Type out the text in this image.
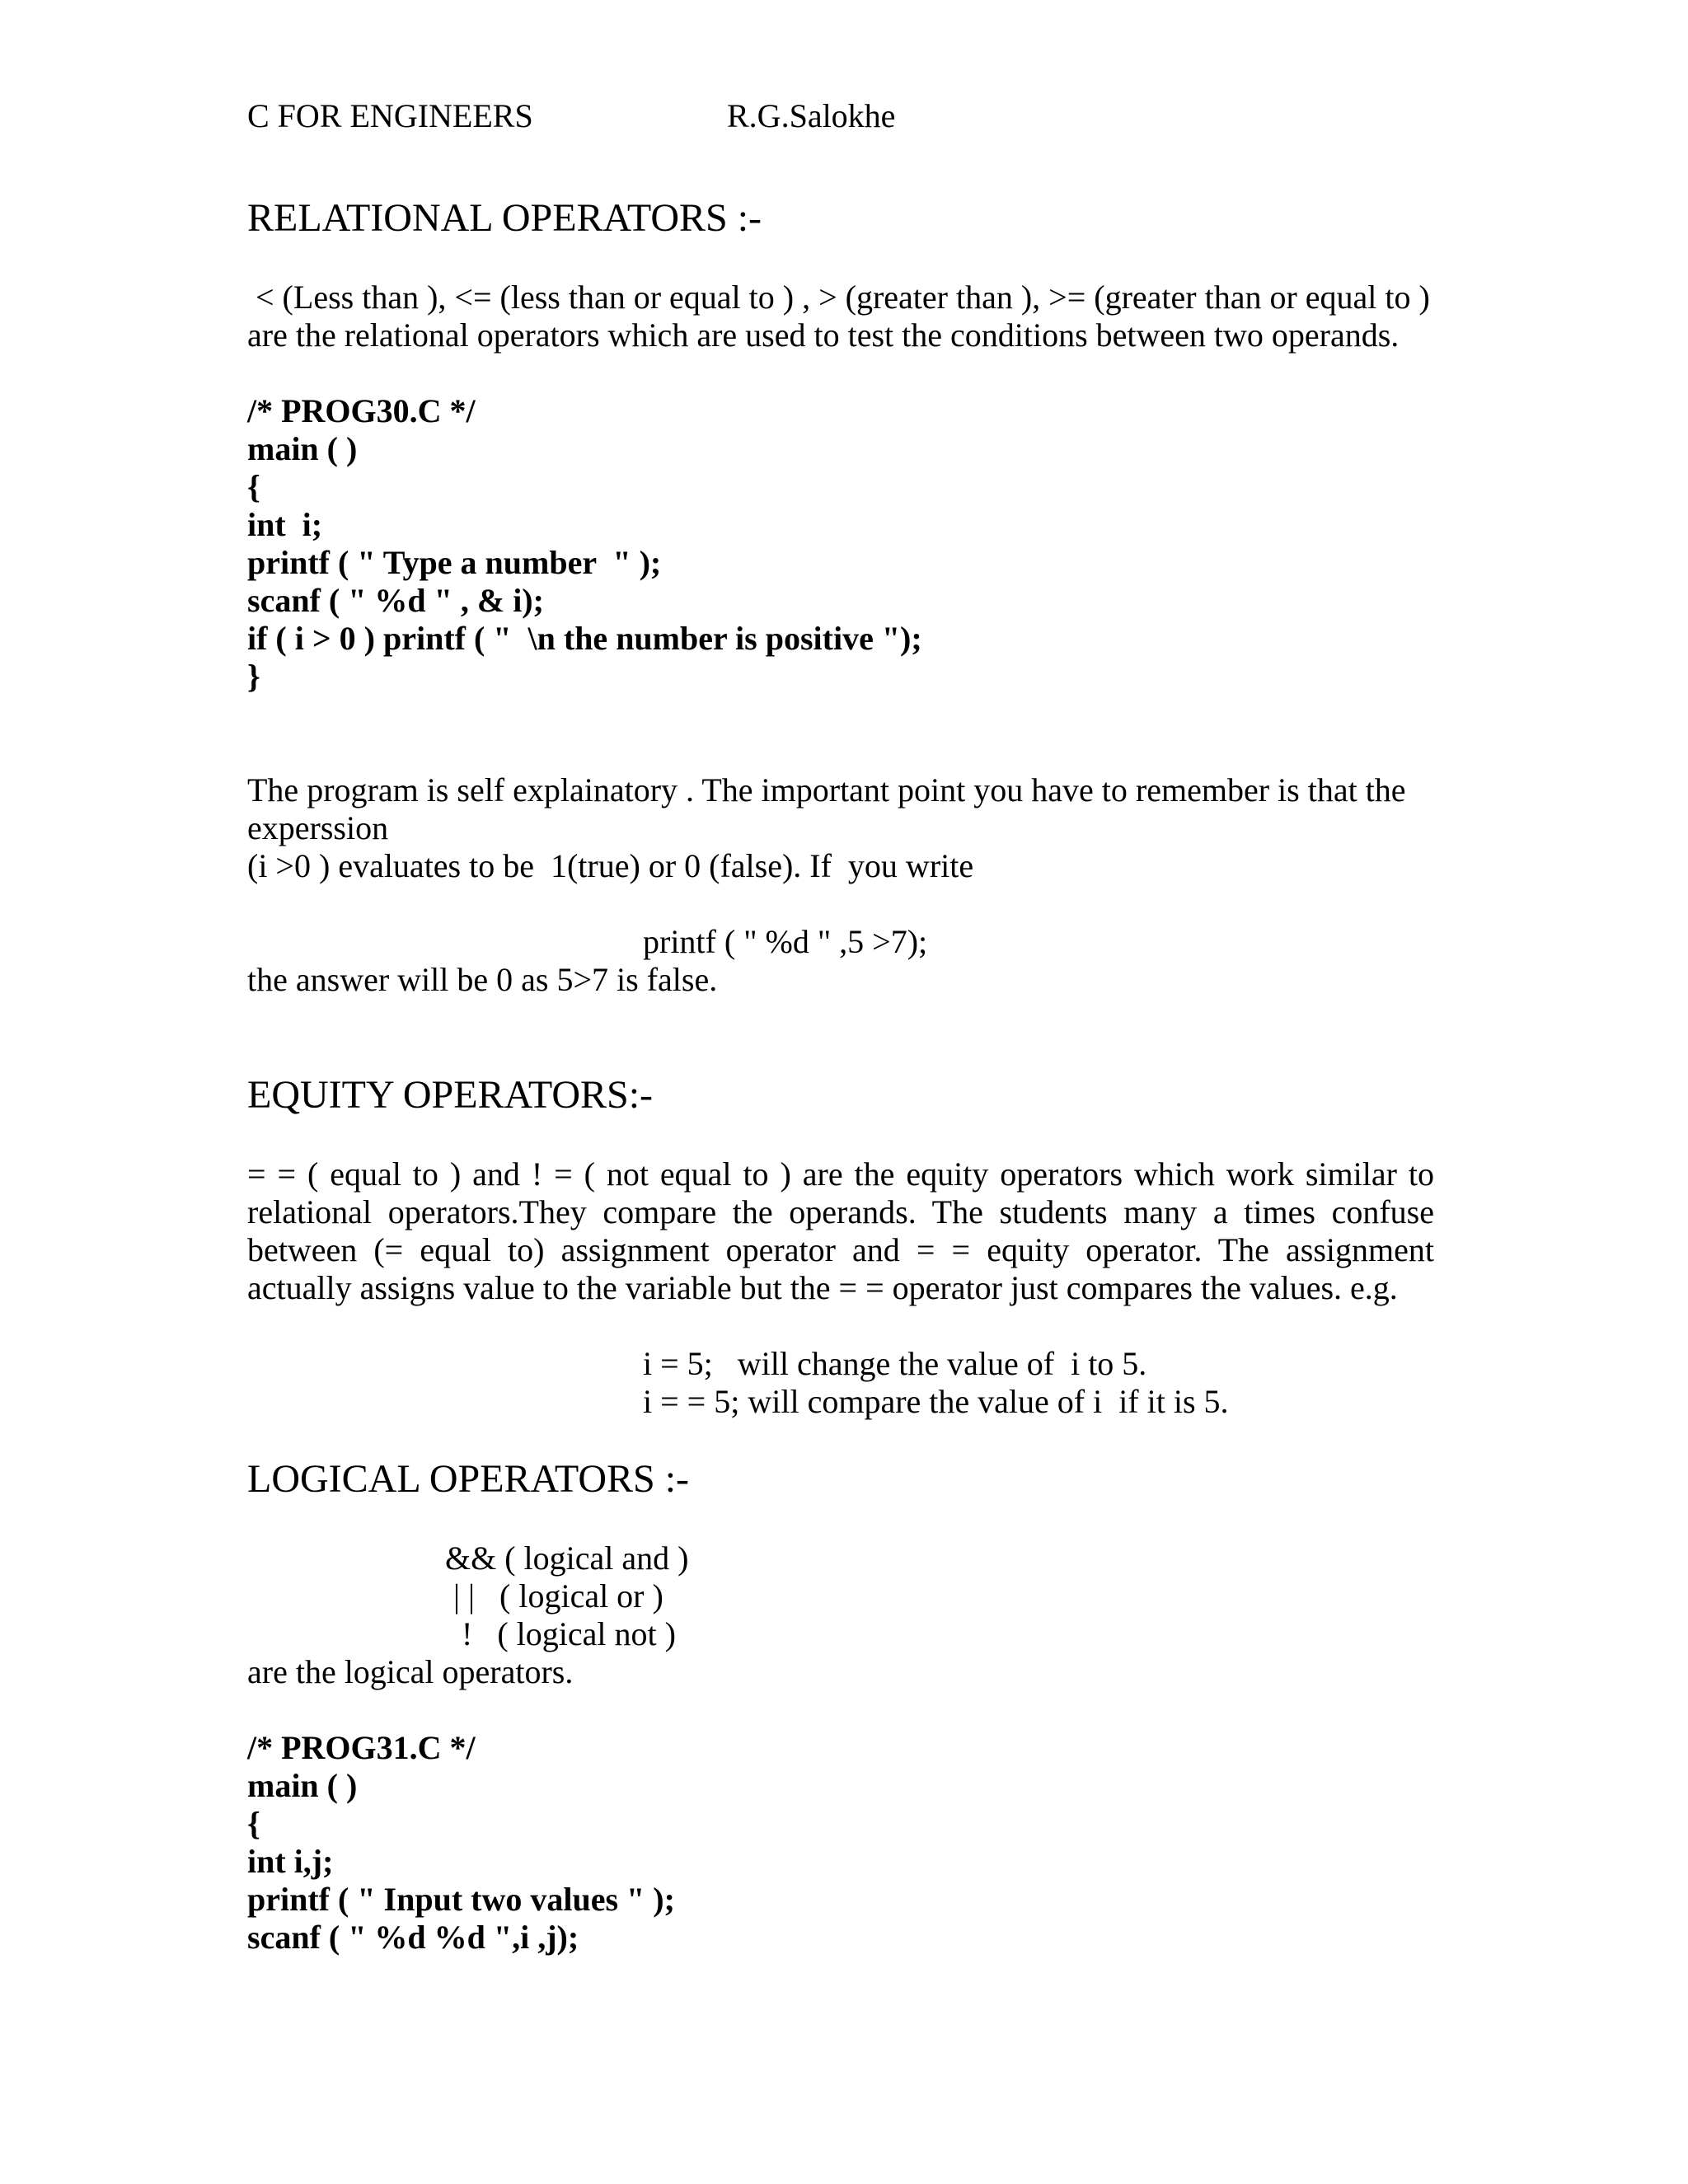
C FOR ENGINEERS	R.G.Salokhe
RELATIONAL OPERATORS :-
< (Less than ), <= (less than or equal to ) , > (greater than ), >= (greater than or equal to )
are the relational operators which are used to test the conditions between two operands.
/* PROG30.C */
main ( )
{
int  i;
printf ( " Type a number  " );
scanf ( " %d " , & i);
if ( i > 0 ) printf ( "  \n the number is positive ");
}
The program is self explainatory . The important point you have to remember is that the
experssion
(i >0 ) evaluates to be  1(true) or 0 (false). If  you write
printf ( " %d " ,5 >7);
the answer will be 0 as 5>7 is false.
EQUITY OPERATORS:-
= = ( equal to ) and ! = ( not equal to ) are the equity operators which work similar to
relational operators.They compare the operands. The students many a times confuse
between (= equal to) assignment operator and = = equity operator. The assignment
actually assigns value to the variable but the = = operator just compares the values. e.g.
i = 5;   will change the value of  i to 5.
i = = 5; will compare the value of i  if it is 5.
LOGICAL OPERATORS :-
&& ( logical and )
| |   ( logical or )
!   ( logical not )
are the logical operators.
/* PROG31.C */
main ( )
{
int i,j;
printf ( " Input two values " );
scanf ( " %d %d ",i ,j);
